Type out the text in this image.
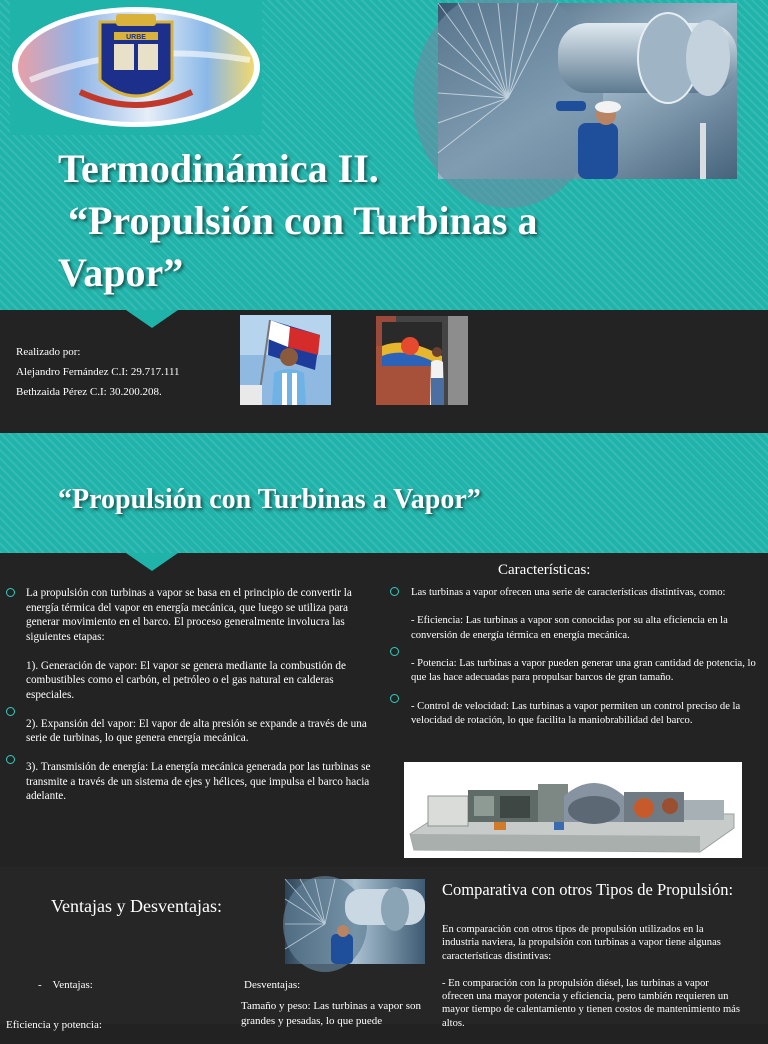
URBE
Termodinámica II.
“Propulsión con Turbinas a
Vapor”
Realizado por:
Alejandro Fernández C.I: 29.717.111
Bethzaida Pérez C.I: 30.200.208.
“Propulsión con Turbinas a Vapor”

La propulsión con turbinas a vapor se basa en el principio de convertir la energía térmica del vapor en energía mecánica, que luego se utiliza para generar movimiento en el barco. El proceso generalmente involucra las siguientes etapas:

1). Generación de vapor: El vapor se genera mediante la combustión de combustibles como el carbón, el petróleo o el gas natural en calderas especiales.

2). Expansión del vapor: El vapor de alta presión se expande a través de una serie de turbinas, lo que genera energía mecánica.

3). Transmisión de energía: La energía mecánica generada por las turbinas se transmite a través de un sistema de ejes y hélices, que impulsa el barco hacia adelante.

Características:

Las turbinas a vapor ofrecen una serie de características distintivas, como:

- Eficiencia: Las turbinas a vapor son conocidas por su alta eficiencia en la conversión de energía térmica en energía mecánica.

- Potencia: Las turbinas a vapor pueden generar una gran cantidad de potencia, lo que las hace adecuadas para propulsar barcos de gran tamaño.

- Control de velocidad: Las turbinas a vapor permiten un control preciso de la velocidad de rotación, lo que facilita la maniobrabilidad del barco.

Ventajas y Desventajas:
Comparativa con otros Tipos de Propulsión:

En comparación con otros tipos de propulsión utilizados en la industria naviera, la propulsión con turbinas a vapor tiene algunas características distintivas:

- En comparación con la propulsión diésel, las turbinas a vapor ofrecen una mayor potencia y eficiencia, pero también requieren un mayor tiempo de calentamiento y tienen costos de mantenimiento más altos.

-    Ventajas:	Desventajas:
Tamaño y peso: Las turbinas a vapor son grandes y pesadas, lo que puede
Eficiencia y potencia:
